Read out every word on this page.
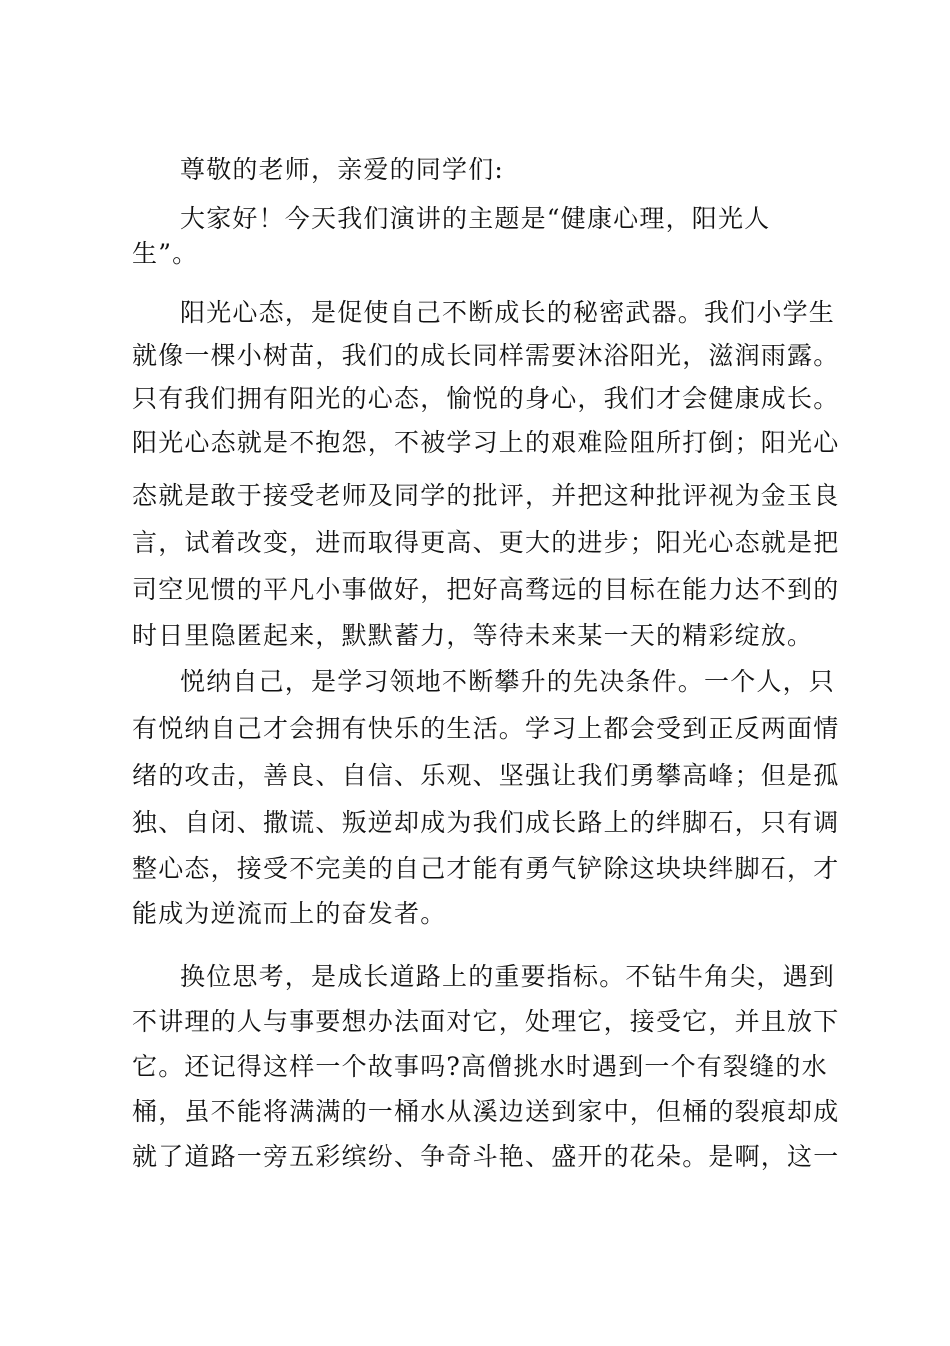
尊敬的老师，亲爱的同学们:
大家好！今天我们演讲的主题是“健康心理，阳光人
生”。
阳光心态，是促使自己不断成长的秘密武器。我们小学生
就像一棵小树苗，我们的成长同样需要沐浴阳光，滋润雨露。
只有我们拥有阳光的心态，愉悦的身心，我们才会健康成长。
阳光心态就是不抱怨，不被学习上的艰难险阻所打倒；阳光心
态就是敢于接受老师及同学的批评，并把这种批评视为金玉良
言，试着改变，进而取得更高、更大的进步；阳光心态就是把
司空见惯的平凡小事做好，把好高骛远的目标在能力达不到的
时日里隐匿起来，默默蓄力，等待未来某一天的精彩绽放。
悦纳自己，是学习领地不断攀升的先决条件。一个人，只
有悦纳自己才会拥有快乐的生活。学习上都会受到正反两面情
绪的攻击，善良、自信、乐观、坚强让我们勇攀高峰；但是孤
独、自闭、撒谎、叛逆却成为我们成长路上的绊脚石，只有调
整心态，接受不完美的自己才能有勇气铲除这块块绊脚石，才
能成为逆流而上的奋发者。
换位思考，是成长道路上的重要指标。不钻牛角尖，遇到
不讲理的人与事要想办法面对它，处理它，接受它，并且放下
它。还记得这样一个故事吗?高僧挑水时遇到一个有裂缝的水
桶，虽不能将满满的一桶水从溪边送到家中，但桶的裂痕却成
就了道路一旁五彩缤纷、争奇斗艳、盛开的花朵。是啊，这一
